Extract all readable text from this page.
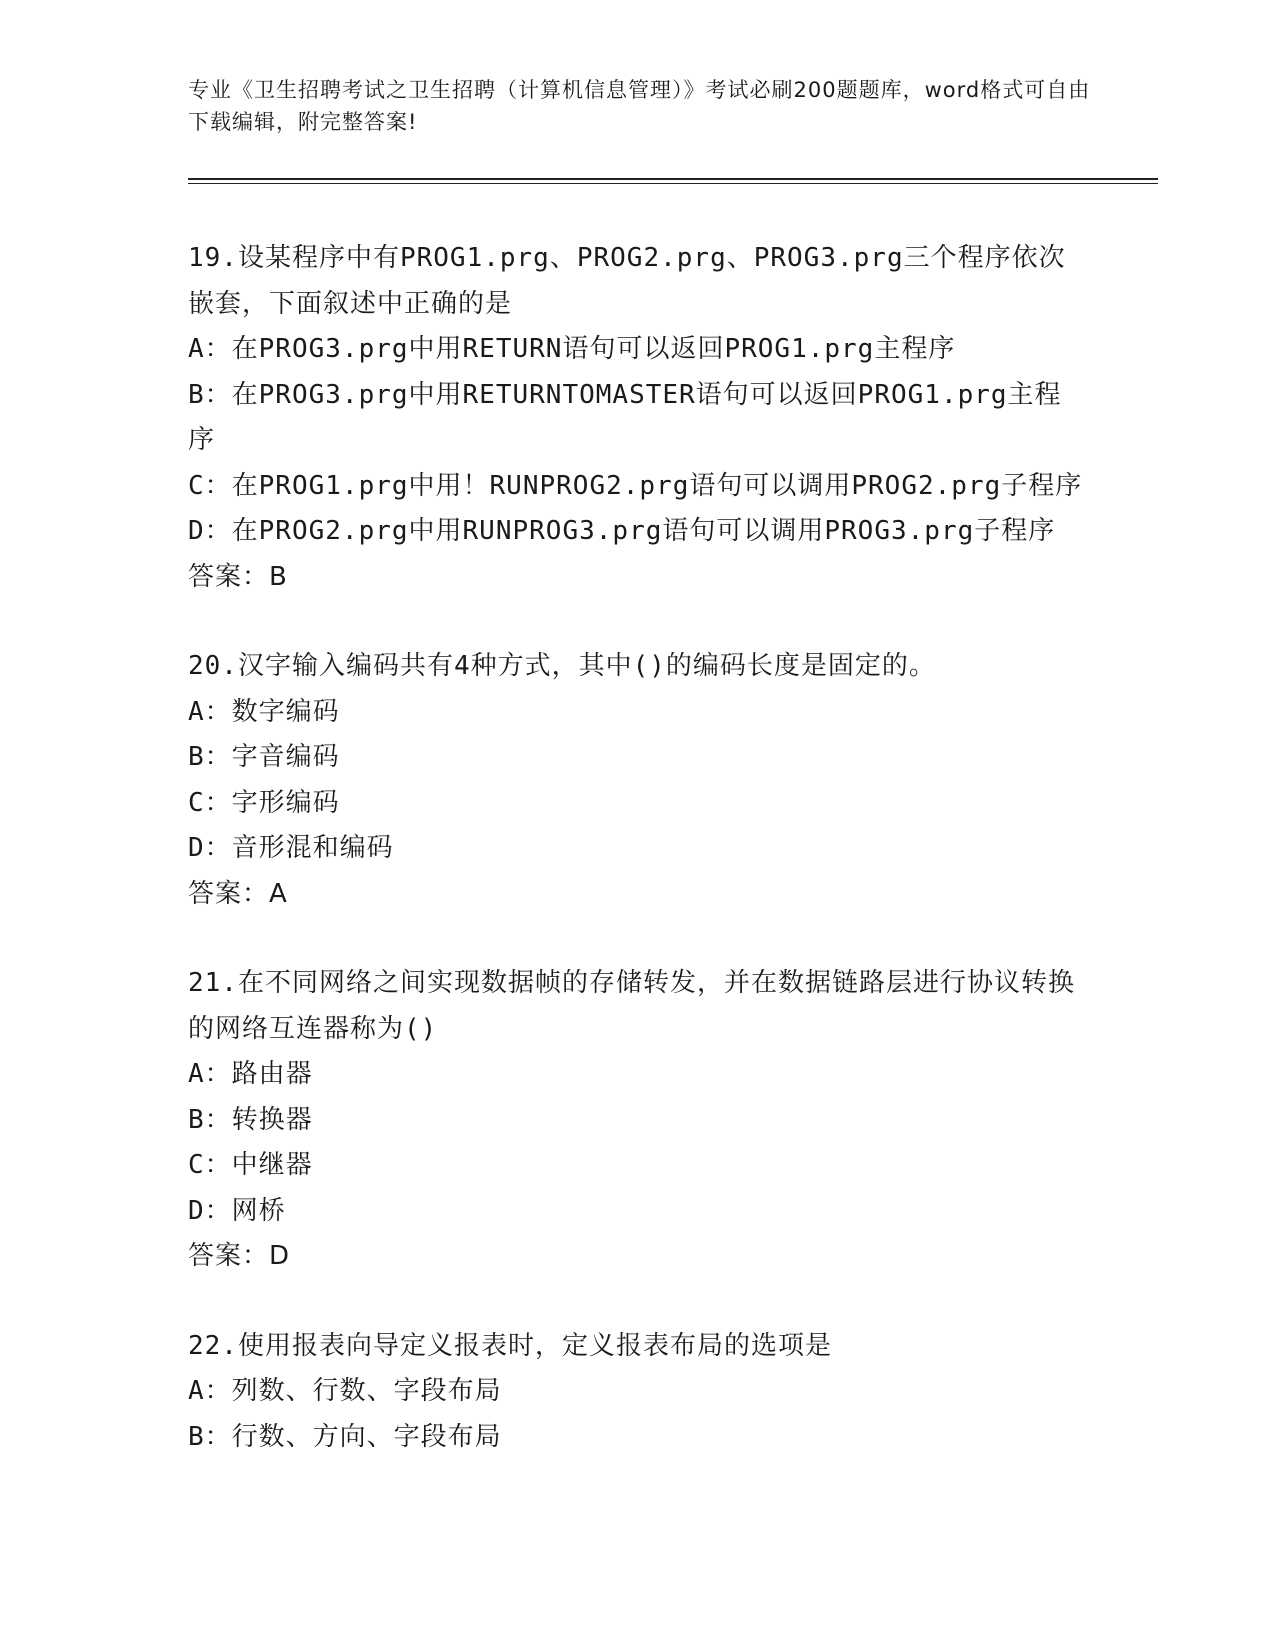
专业《卫生招聘考试之卫生招聘（计算机信息管理）》考试必刷200题题库，word格式可自由下载编辑，附完整答案!
19.设某程序中有PROG1.prg、PROG2.prg、PROG3.prg三个程序依次嵌套，下面叙述中正确的是
A：在PROG3.prg中用RETURN语句可以返回PROG1.prg主程序
B：在PROG3.prg中用RETURNTOMASTER语句可以返回PROG1.prg主程序
C：在PROG1.prg中用！RUNPROG2.prg语句可以调用PROG2.prg子程序
D：在PROG2.prg中用RUNPROG3.prg语句可以调用PROG3.prg子程序
答案：B
20.汉字输入编码共有4种方式，其中()的编码长度是固定的。
A：数字编码
B：字音编码
C：字形编码
D：音形混和编码
答案：A
21.在不同网络之间实现数据帧的存储转发，并在数据链路层进行协议转换的网络互连器称为()
A：路由器
B：转换器
C：中继器
D：网桥
答案：D
22.使用报表向导定义报表时，定义报表布局的选项是
A：列数、行数、字段布局
B：行数、方向、字段布局
